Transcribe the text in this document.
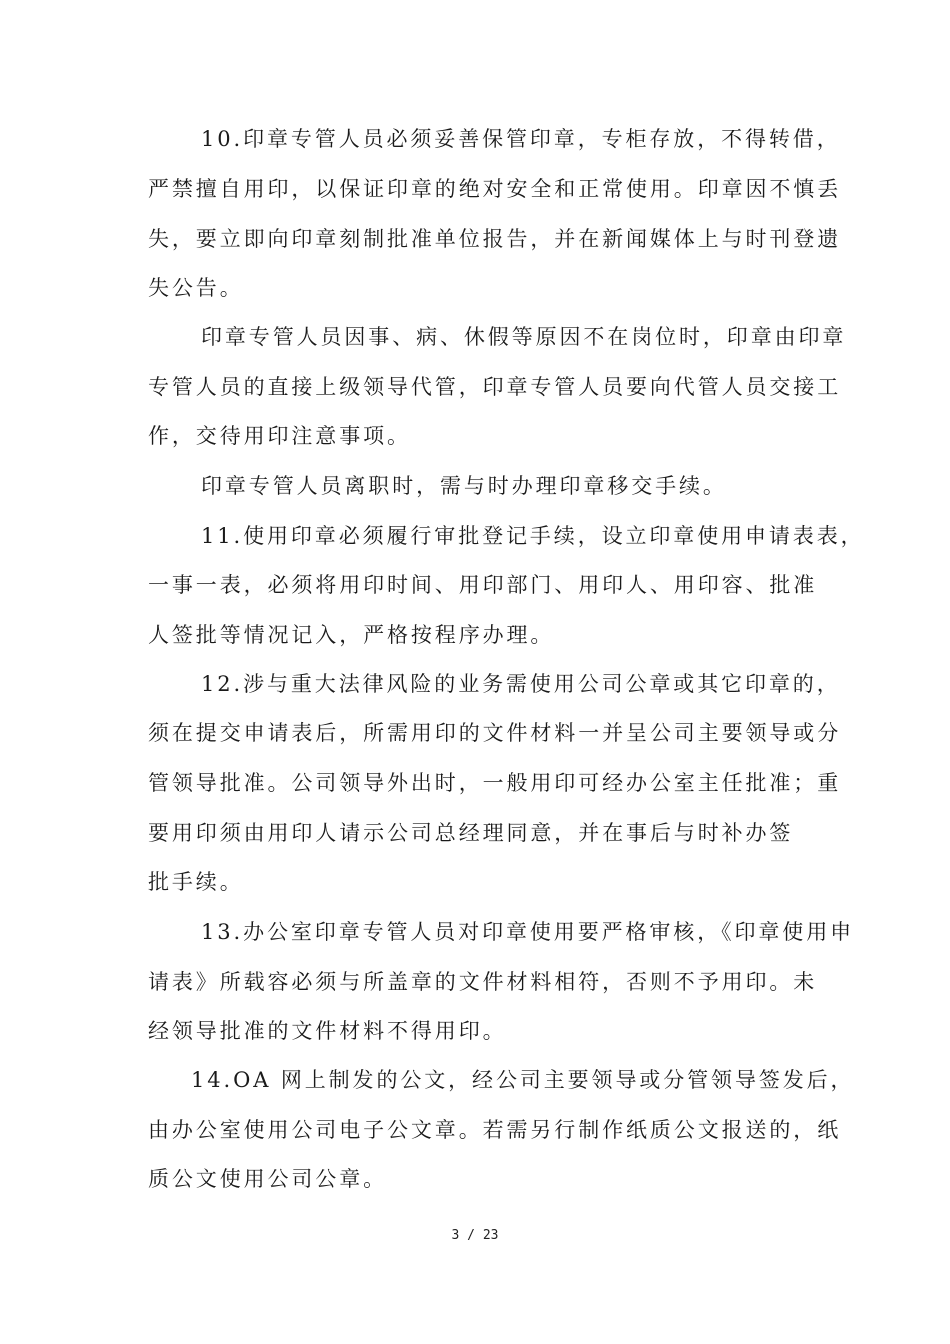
10.印章专管人员必须妥善保管印章，专柜存放，不得转借，

严禁擅自用印，以保证印章的绝对安全和正常使用。印章因不慎丢

失，要立即向印章刻制批准单位报告，并在新闻媒体上与时刊登遗

失公告。

印章专管人员因事、病、休假等原因不在岗位时，印章由印章

专管人员的直接上级领导代管，印章专管人员要向代管人员交接工

作，交待用印注意事项。

印章专管人员离职时，需与时办理印章移交手续。

11.使用印章必须履行审批登记手续，设立印章使用申请表表，

一事一表，必须将用印时间、用印部门、用印人、用印容、批准

人签批等情况记入，严格按程序办理。

12.涉与重大法律风险的业务需使用公司公章或其它印章的，

须在提交申请表后，所需用印的文件材料一并呈公司主要领导或分

管领导批准。公司领导外出时，一般用印可经办公室主任批准；重

要用印须由用印人请示公司总经理同意，并在事后与时补办签

批手续。

13.办公室印章专管人员对印章使用要严格审核，《印章使用申

请表》所载容必须与所盖章的文件材料相符，否则不予用印。未

经领导批准的文件材料不得用印。

14.OA 网上制发的公文，经公司主要领导或分管领导签发后，

由办公室使用公司电子公文章。若需另行制作纸质公文报送的，纸

质公文使用公司公章。

3 / 23
